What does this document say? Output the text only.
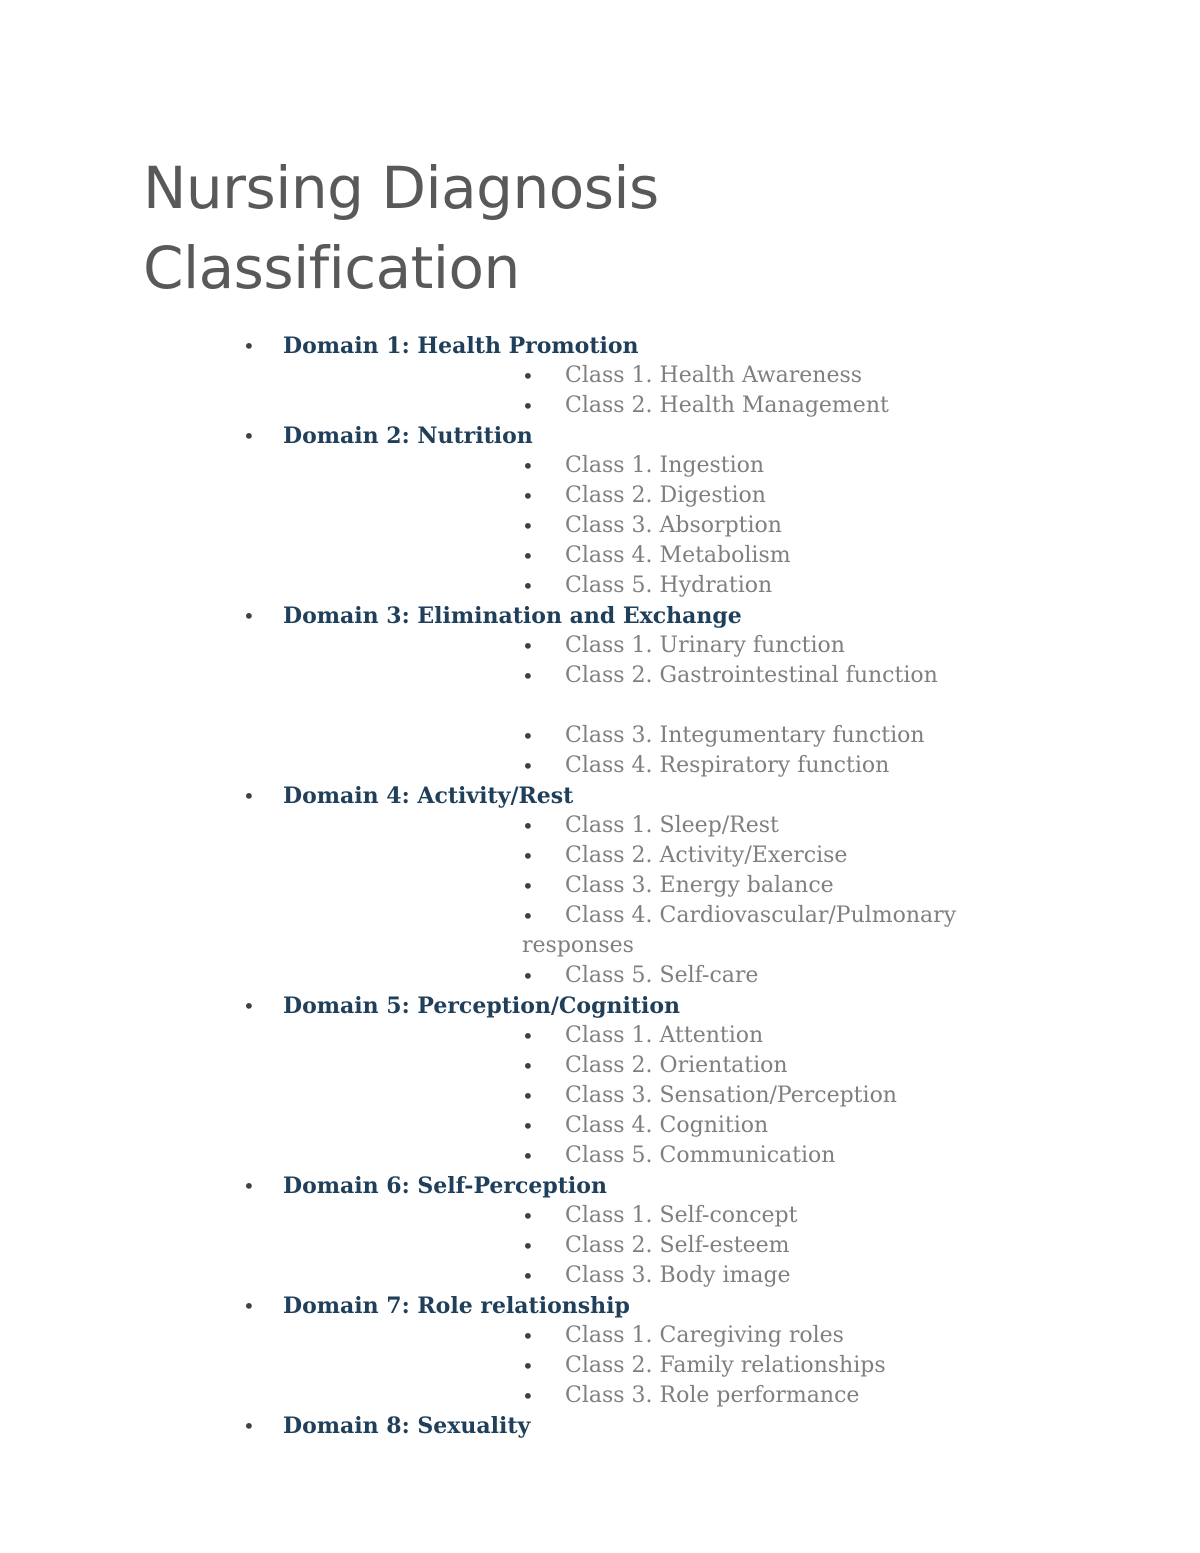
Nursing Diagnosis
Classification
• Domain 1: Health Promotion
•	Class 1. Health Awareness
•	Class 2. Health Management
• Domain 2: Nutrition
•	Class 1. Ingestion
•	Class 2. Digestion
•	Class 3. Absorption
•	Class 4. Metabolism
•	Class 5. Hydration
• Domain 3: Elimination and Exchange
•	Class 1. Urinary function
•	Class 2. Gastrointestinal function
•	Class 3. Integumentary function
•	Class 4. Respiratory function
• Domain 4: Activity/Rest
•	Class 1. Sleep/Rest
•	Class 2. Activity/Exercise
•	Class 3. Energy balance
•	Class 4. Cardiovascular/Pulmonary responses
•	Class 5. Self-care
• Domain 5: Perception/Cognition
•	Class 1. Attention
•	Class 2. Orientation
•	Class 3. Sensation/Perception
•	Class 4. Cognition
•	Class 5. Communication
• Domain 6: Self-Perception
•	Class 1. Self-concept
•	Class 2. Self-esteem
•	Class 3. Body image
• Domain 7: Role relationship
•	Class 1. Caregiving roles
•	Class 2. Family relationships
•	Class 3. Role performance
• Domain 8: Sexuality
